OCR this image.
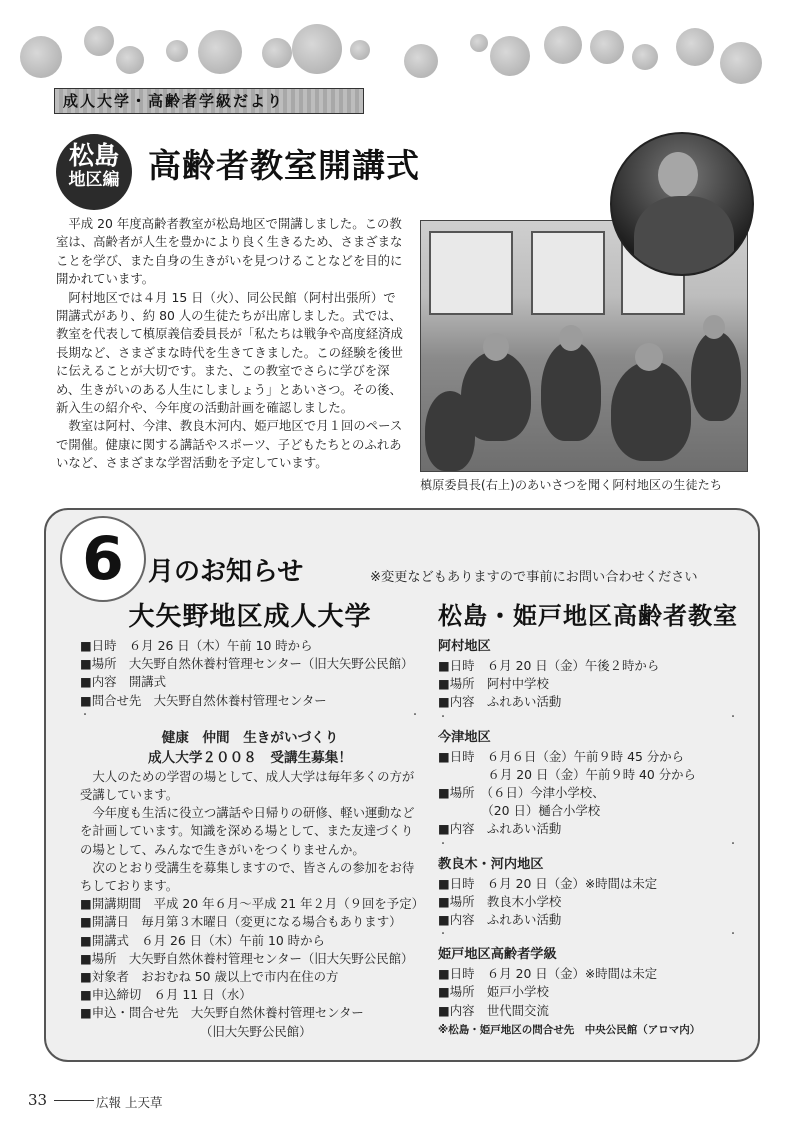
成人大学・高齢者学級だより
松島
地区編 高齢者教室開講式

平成 20 年度高齢者教室が松島地区で開講しました。この教室は、高齢者が人生を豊かにより良く生きるため、さまざまなことを学び、また自身の生きがいを見つけることなどを目的に開かれています。

阿村地区では４月 15 日（火）、同公民館（阿村出張所）で開講式があり、約 80 人の生徒たちが出席しました。式では、教室を代表して槙原義信委員長が「私たちは戦争や高度経済成長期など、さまざまな時代を生きてきました。この経験を後世に伝えることが大切です。また、この教室でさらに学びを深め、生きがいのある人生にしましょう」とあいさつ。その後、新入生の紹介や、今年度の活動計画を確認しました。

教室は阿村、今津、教良木河内、姫戸地区で月１回のペースで開催。健康に関する講話やスポーツ、子どもたちとのふれあいなど、さまざまな学習活動を予定しています。

槙原委員長(右上)のあいさつを聞く阿村地区の生徒たち
6 月のお知らせ	※変更などもありますので事前にお問い合わせください
大矢野地区成人大学
■日時　６月 26 日（木）午前 10 時から
■場所　大矢野自然休養村管理センター（旧大矢野公民館）
■内容　開講式
■問合せ先　大矢野自然休養村管理センター
・	・
健康　仲間　生きがいづくり
成人大学２００８　受講生募集！
大人のための学習の場として、成人大学は毎年多くの方が受講しています。
今年度も生活に役立つ講話や日帰りの研修、軽い運動などを計画しています。知識を深める場として、また友達づくりの場として、みんなで生きがいをつくりませんか。
次のとおり受講生を募集しますので、皆さんの参加をお待ちしております。
■開講期間　平成 20 年６月～平成 21 年２月（９回を予定）
■開講日　毎月第３木曜日（変更になる場合もあります）
■開講式　６月 26 日（木）午前 10 時から
■場所　大矢野自然休養村管理センター（旧大矢野公民館）
■対象者　おおむね 50 歳以上で市内在住の方
■申込締切　６月 11 日（水）
■申込・問合せ先　大矢野自然休養村管理センター
（旧大矢野公民館）
松島・姫戸地区高齢者教室
阿村地区
■日時　６月 20 日（金）午後２時から
■場所　阿村中学校
■内容　ふれあい活動
・	・
今津地区
■日時　６月６日（金）午前９時 45 分から
　　　　６月 20 日（金）午前９時 40 分から
■場所　（６日）今津小学校、
　　　　（20 日）樋合小学校
■内容　ふれあい活動
・	・
教良木・河内地区
■日時　６月 20 日（金）※時間は未定
■場所　教良木小学校
■内容　ふれあい活動
・	・
姫戸地区高齢者学級
■日時　６月 20 日（金）※時間は未定
■場所　姫戸小学校
■内容　世代間交流
※松島・姫戸地区の問合せ先　中央公民館（アロマ内）
33	広報 上天草
